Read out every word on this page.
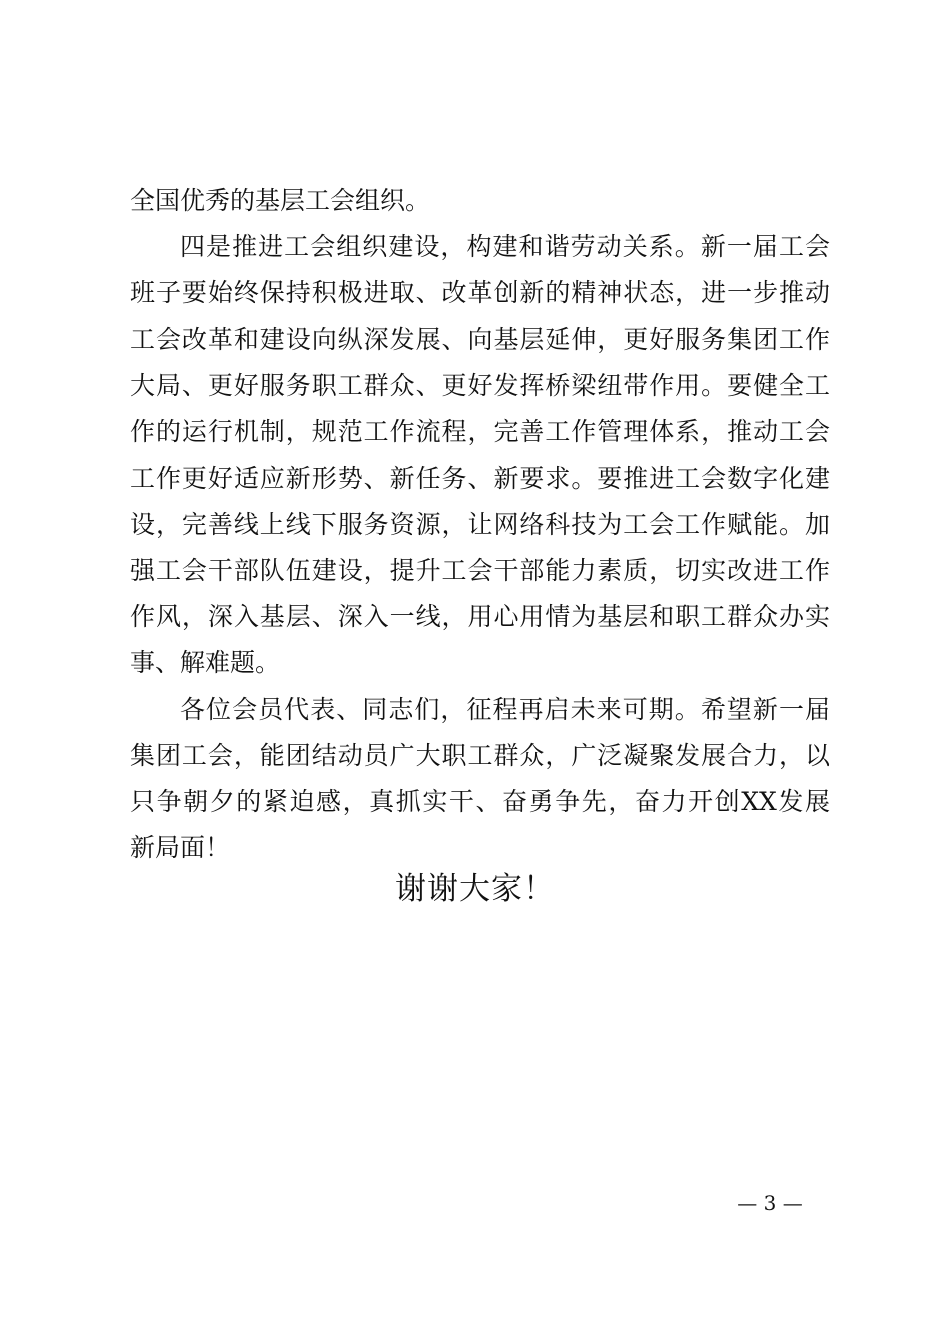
全国优秀的基层工会组织。
四是推进工会组织建设，构建和谐劳动关系。新一届工会
班子要始终保持积极进取、改革创新的精神状态，进一步推动
工会改革和建设向纵深发展、向基层延伸，更好服务集团工作
大局、更好服务职工群众、更好发挥桥梁纽带作用。要健全工
作的运行机制，规范工作流程，完善工作管理体系，推动工会
工作更好适应新形势、新任务、新要求。要推进工会数字化建
设，完善线上线下服务资源，让网络科技为工会工作赋能。加
强工会干部队伍建设，提升工会干部能力素质，切实改进工作
作风，深入基层、深入一线，用心用情为基层和职工群众办实
事、解难题。
各位会员代表、同志们，征程再启未来可期。希望新一届
集团工会，能团结动员广大职工群众，广泛凝聚发展合力，以
只争朝夕的紧迫感，真抓实干、奋勇争先，奋力开创XX发展
新局面！
谢谢大家！
— 3 —
